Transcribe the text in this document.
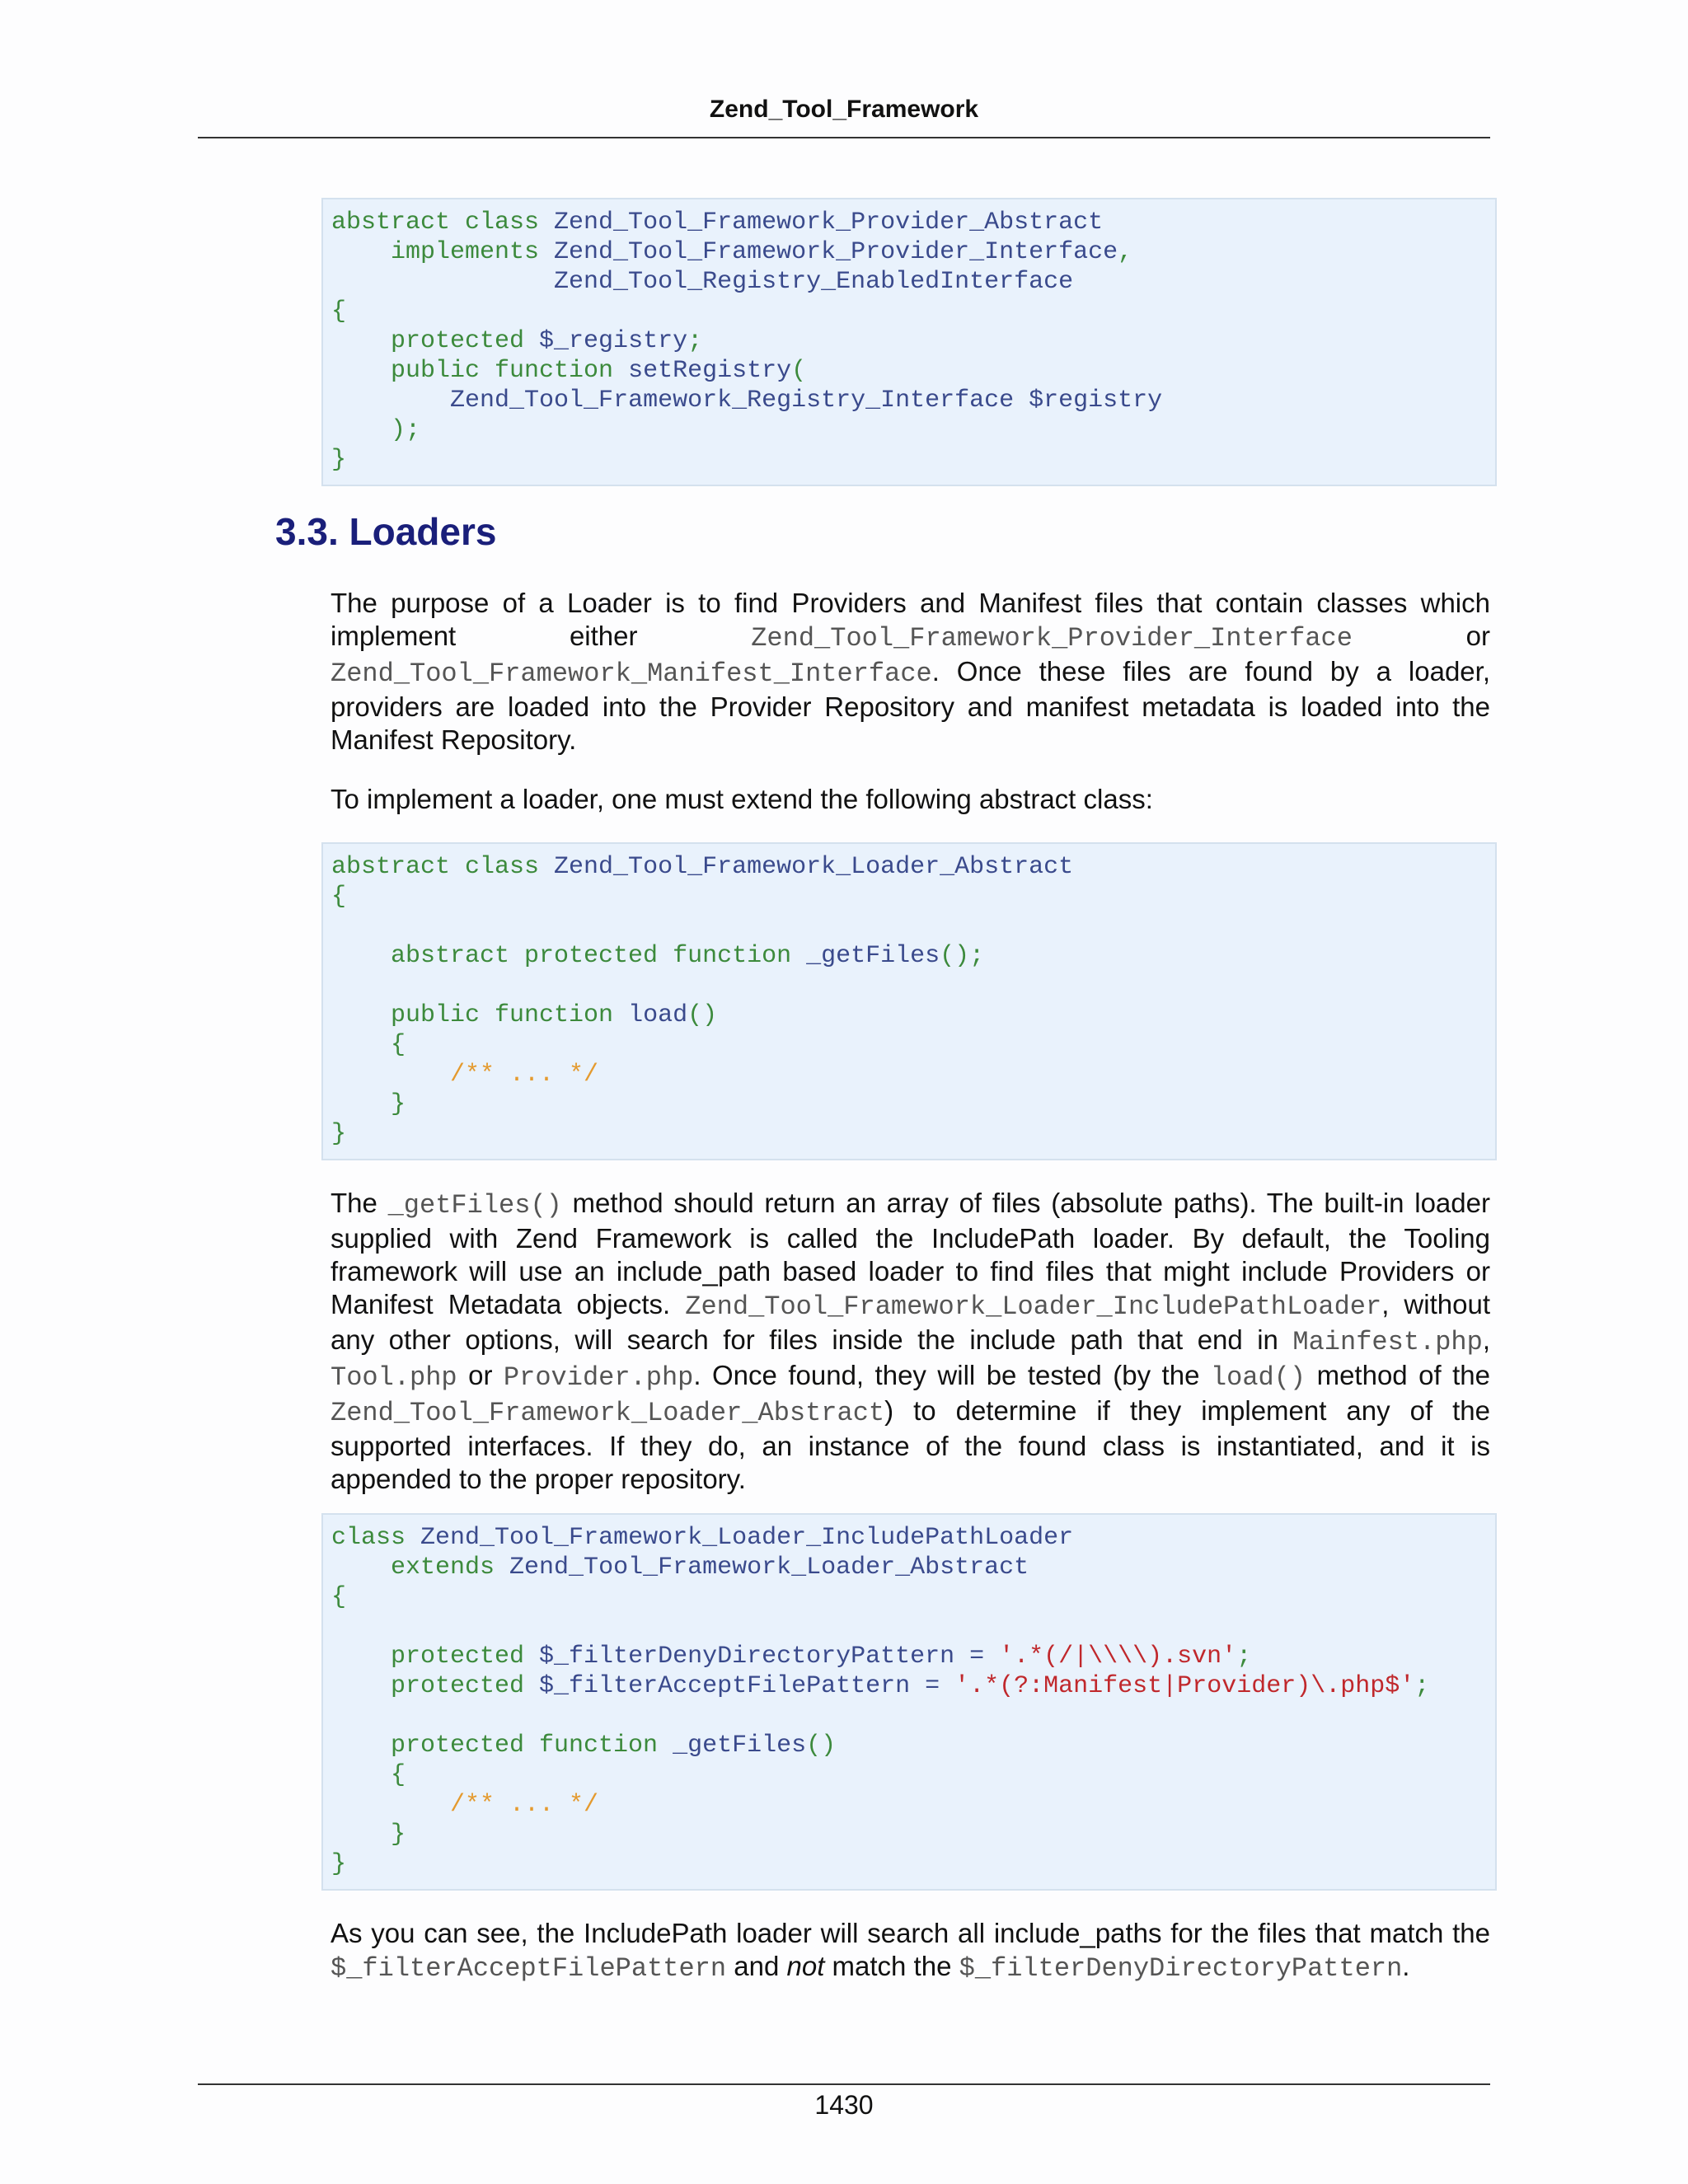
Zend_Tool_Framework
abstract class Zend_Tool_Framework_Provider_Abstract
implements Zend_Tool_Framework_Provider_Interface,
Zend_Tool_Registry_EnabledInterface
{
protected $_registry;
public function setRegistry(
Zend_Tool_Framework_Registry_Interface $registry
);
}
3.3. Loaders

The purpose of a Loader is to find Providers and Manifest files that contain classes which implement either Zend_Tool_Framework_Provider_Interface or Zend_Tool_Framework_Manifest_Interface. Once these files are found by a loader, providers are loaded into the Provider Repository and manifest metadata is loaded into the Manifest Repository.

To implement a loader, one must extend the following abstract class:

abstract class Zend_Tool_Framework_Loader_Abstract
{
abstract protected function _getFiles();
public function load()
{
/** ... */
}
}

The _getFiles() method should return an array of files (absolute paths). The built-in loader supplied with Zend Framework is called the IncludePath loader. By default, the Tooling framework will use an include_path based loader to find files that might include Providers or Manifest Metadata objects. Zend_Tool_Framework_Loader_IncludePathLoader, without any other options, will search for files inside the include path that end in Mainfest.php, Tool.php or Provider.php. Once found, they will be tested (by the load() method of the Zend_Tool_Framework_Loader_Abstract) to determine if they implement any of the supported interfaces. If they do, an instance of the found class is instantiated, and it is appended to the proper repository.

class Zend_Tool_Framework_Loader_IncludePathLoader
extends Zend_Tool_Framework_Loader_Abstract
{
protected $_filterDenyDirectoryPattern = '.*(/|\\\\).svn';
protected $_filterAcceptFilePattern = '.*(?:Manifest|Provider)\.php$';
protected function _getFiles()
{
/** ... */
}
}

As you can see, the IncludePath loader will search all include_paths for the files that match the $_filterAcceptFilePattern and not match the $_filterDenyDirectoryPattern.

1430
